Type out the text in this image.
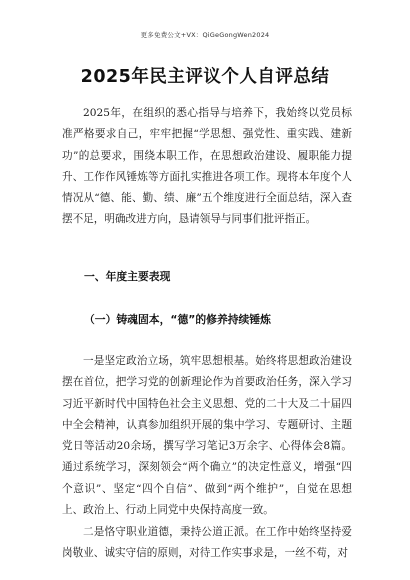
更多免费公文+VX：QiGeGongWen2024
2025年民主评议个人自评总结

2025年，在组织的悉心指导与培养下，我始终以党员标准严格要求自己，牢牢把握“学思想、强党性、重实践、建新功”的总要求，围绕本职工作，在思想政治建设、履职能力提升、工作作风锤炼等方面扎实推进各项工作。现将本年度个人情况从“德、能、勤、绩、廉”五个维度进行全面总结，深入查摆不足，明确改进方向，恳请领导与同事们批评指正。

一、年度主要表现
（一）铸魂固本，“德”的修养持续锤炼

一是坚定政治立场，筑牢思想根基。始终将思想政治建设摆在首位，把学习党的创新理论作为首要政治任务，深入学习习近平新时代中国特色社会主义思想、党的二十大及二十届四中全会精神，认真参加组织开展的集中学习、专题研讨、主题党日等活动20余场，撰写学习笔记3万余字、心得体会8篇。通过系统学习，深刻领会“两个确立”的决定性意义，增强“四个意识”、坚定“四个自信”、做到“两个维护”，自觉在思想上、政治上、行动上同党中央保持高度一致。

二是恪守职业道德，秉持公道正派。在工作中始终坚持爱岗敬业、诚实守信的原则，对待工作实事求是，一丝不苟，对
